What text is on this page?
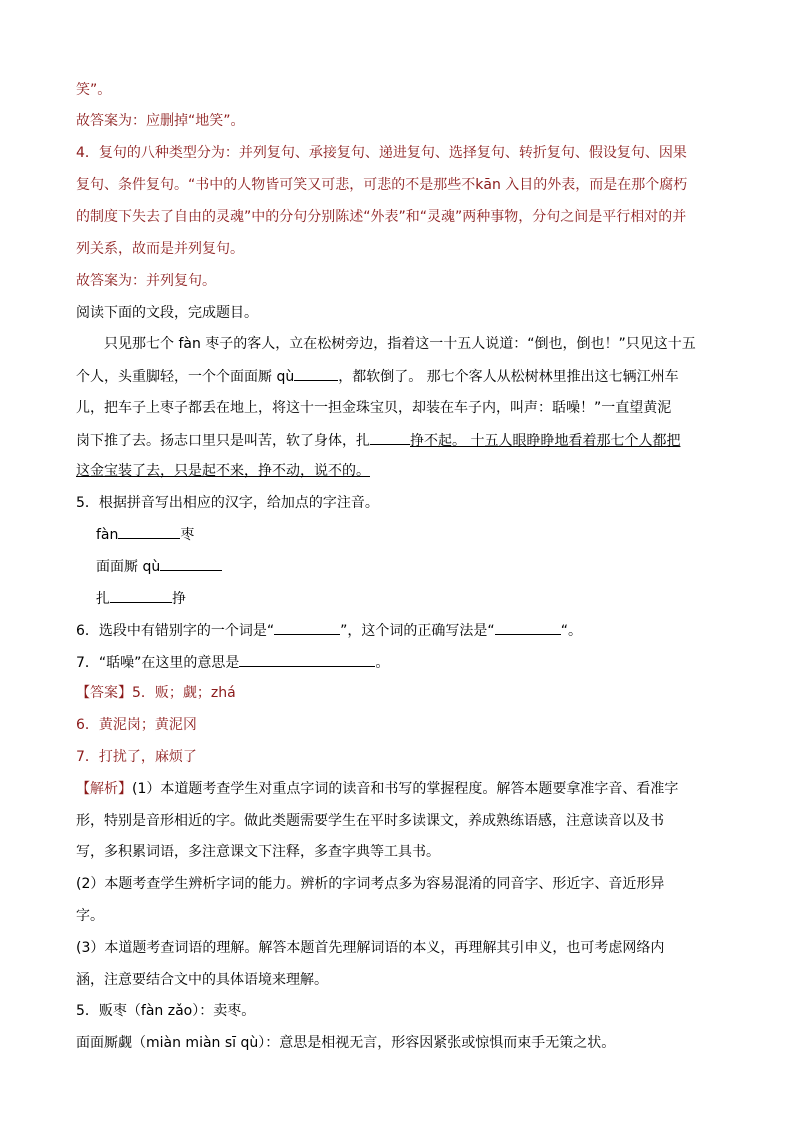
笑”。
故答案为：应删掉“地笑”。
4．复句的八种类型分为：并列复句、承接复句、递进复句、选择复句、转折复句、假设复句、因果
复句、条件复句。“书中的人物皆可笑又可悲，可悲的不是那些不kān 入目的外表，而是在那个腐朽
的制度下失去了自由的灵魂”中的分句分别陈述“外表”和“灵魂”两种事物，分句之间是平行相对的并
列关系，故而是并列复句。
故答案为：并列复句。
阅读下面的文段，完成题目。
只见那七个 fàn 枣子的客人，立在松树旁边，指着这一十五人说道：“倒也，倒也！”只见这十五
个人，头重脚轻，一个个面面厮 qù	，都软倒了。 那七个客人从松树林里推出这七辆江州车
儿，把车子上枣子都丢在地上，将这十一担金珠宝贝，却装在车子内，叫声：聒噪！”一直望黄泥
岗下推了去。扬志口里只是叫苦，软了身体，扎	挣不起。 十五人眼睁睁地看着那七个人都把
这金宝装了去，只是起不来，挣不动，说不的。
5．根据拼音写出相应的汉字，给加点的字注音。
fàn	枣
面面厮 qù
扎	挣
6．选段中有错别字的一个词是“	”，这个词的正确写法是“	“。
7．“聒噪”在这里的意思是	。
【答案】5．贩；觑；zhá
6．黄泥岗；黄泥冈
7．打扰了，麻烦了
【解析】(1）本道题考查学生对重点字词的读音和书写的掌握程度。解答本题要拿准字音、看准字
形，特别是音形相近的字。做此类题需要学生在平时多读课文，养成熟练语感，注意读音以及书
写，多积累词语，多注意课文下注释，多查字典等工具书。
(2）本题考查学生辨析字词的能力。辨析的字词考点多为容易混淆的同音字、形近字、音近形异
字。
(3）本道题考查词语的理解。解答本题首先理解词语的本义，再理解其引申义，也可考虑网络内
涵，注意要结合文中的具体语境来理解。
5．贩枣（fàn zǎo）：卖枣。
面面厮觑（miàn miàn sī qù）：意思是相视无言，形容因紧张或惊惧而束手无策之状。
